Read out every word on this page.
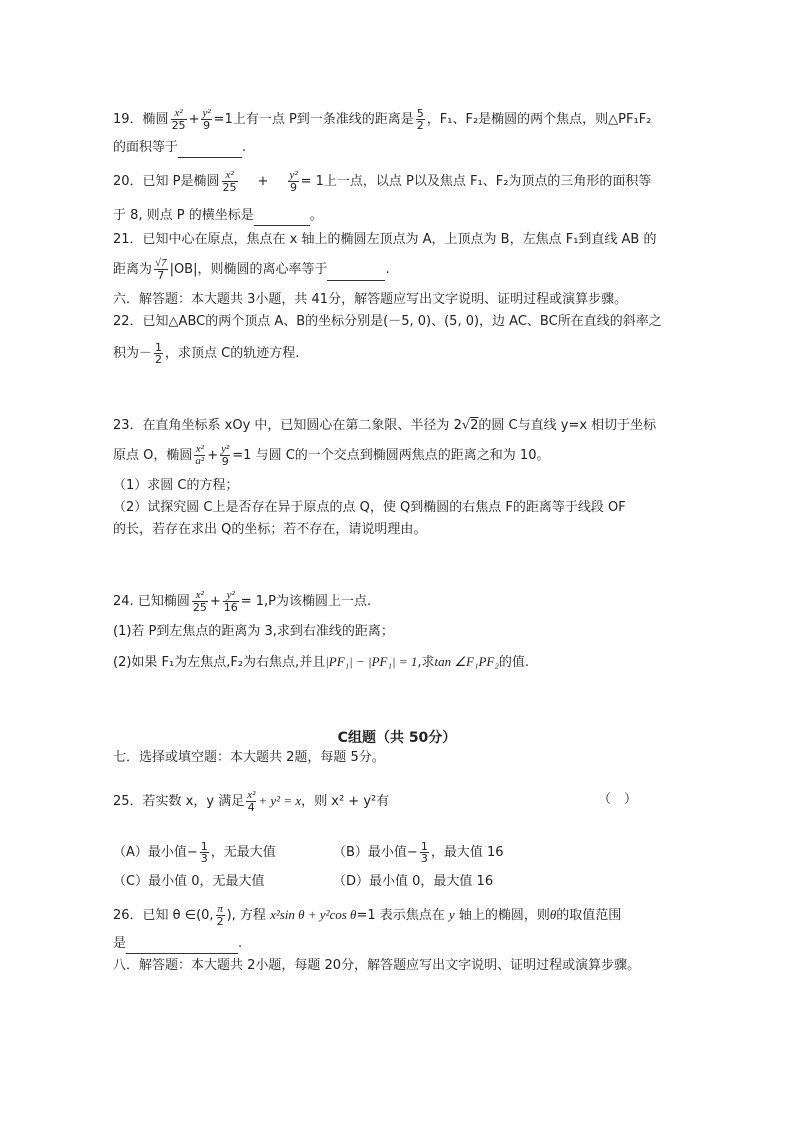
19．椭圆 $\frac{\text{x²}}{25} + \frac{\text{y²}}{9} =1$上有一点 P到一条准线的距离是 $\frac{5}{2}$ ，F₁、F₂是椭圆的两个焦点，则△PF₁F₂
的面积等于	.
20．已知 P是椭圆 $\frac{\text{x²}}{25} + \frac{\text{y²}}{9} = 1$上一点，以点 P以及焦点 F₁、F₂为顶点的三角形的面积等
于 8, 则点 P 的横坐标是	。
21．已知中心在原点，焦点在 x 轴上的椭圆左顶点为 A，上顶点为 B，左焦点 F₁到直线 AB 的
距离为 $\frac{√7}{7} |OB|$，则椭圆的离心率等于	.
六．解答题：本大题共 3小题，共 41分，解答题应写出文字说明、证明过程或演算步骤。
22．已知△ABC的两个顶点 A、B的坐标分别是(－5, 0)、(5, 0)，边 AC、BC所在直线的斜率之
积为－ $\frac{1}{2}$ ，求顶点 C的轨迹方程.
23．在直角坐标系 xOy 中，已知圆心在第二象限、半径为 2√2的圆 C与直线 y=x 相切于坐标
原点 O，椭圆 $\frac{\text{x²}}{\text{a²}} + \frac{\text{y²}}{9} =1$ 与圆 C的一个交点到椭圆两焦点的距离之和为 10。
（1）求圆 C的方程；
（2）试探究圆 C上是否存在异于原点的点 Q，使 Q到椭圆的右焦点 F的距离等于线段 OF
的长，若存在求出 Q的坐标；若不存在，请说明理由。
24. 已知椭圆 $\frac{\text{x²}}{25} + \frac{\text{y²}}{16} = 1,P$为该椭圆上一点.
(1)若 P到左焦点的距离为 3,求到右准线的距离；
(2)如果 F₁为左焦点,F₂为右焦点,并且|PF₁| − |PF₁| = 1,求tan ∠F₁PF₂的值.
C组题（共 50分）
七．选择或填空题：本大题共 2题，每题 5分。
25．若实数 x，y 满足 $\frac{\text{x²}}{4} + y^2 = x$，则 x² + y²有	（　）
（A）最小值− $\frac{1}{3}$ ，无最大值	（B）最小值− $\frac{1}{3}$ ，最大值 16
（C）最小值 0，无最大值	（D）最小值 0，最大值 16
26．已知 θ ∈(0, $\frac{\pi}{2}$ ), 方程 x²sin θ + y²cos θ=1 表示焦点在 y 轴上的椭圆，则θ的取值范围
是	.
八．解答题：本大题共 2小题，每题 20分，解答题应写出文字说明、证明过程或演算步骤。
